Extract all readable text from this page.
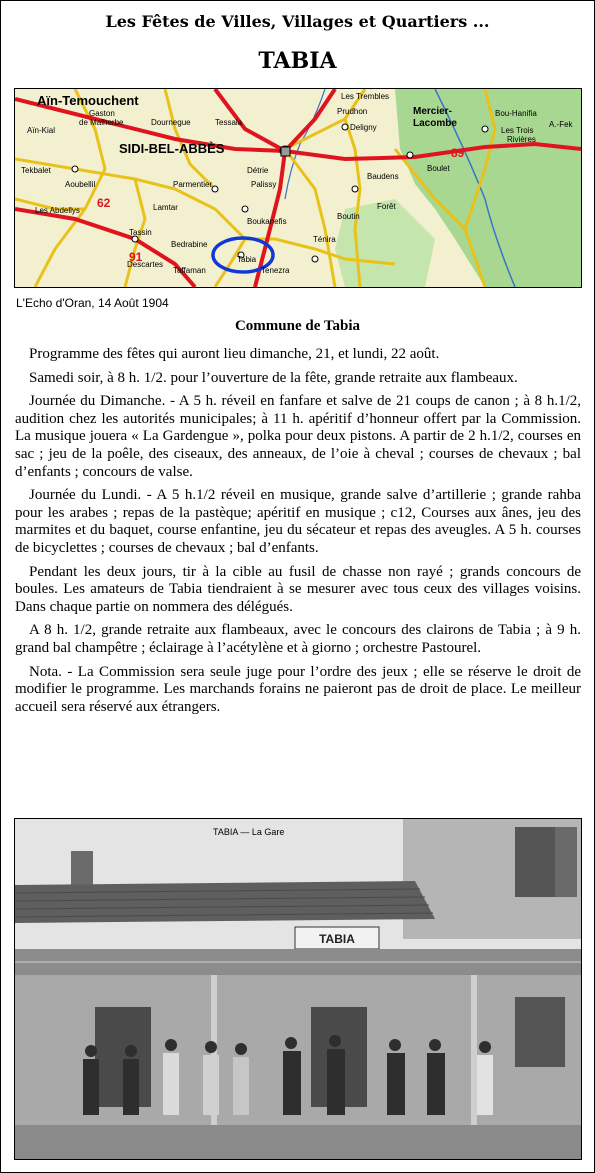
Les Fêtes de Villes, Villages et Quartiers ...
TABIA
Aïn-Temouchent
Aïn-Kial
Gaston
de Malherbe	Dournegue	Tessala
Les Trembles
Prudhon
Deligny
Mercier-
Lacombe
Bou-Hanifia
Les Trois
Rivières
A.-Fek
SIDI-BEL-ABBÈS
Tekbalet
Aoubellil
Détrie
Baudens
Boulet
Parmentier	Palissy
Les Abdellys	Lamtar
Boukanefis
Boutin
Forêt
Tassin
Bedrabine
Tabia
Ténira
Descartes
Taffaman	Tenezra
62
89
91
L'Echo d'Oran, 14 Août 1904
Commune de Tabia

Programme des fêtes qui auront lieu dimanche, 21, et lundi, 22 août.

Samedi soir, à 8 h. 1/2. pour l’ouverture de la fête, grande retraite aux flambeaux.

Journée du Dimanche. - A 5 h. réveil en fanfare et salve de 21 coups de canon ; à 8 h.1/2, audition chez les autorités municipales; à 11 h. apéritif d’honneur offert par la Commission. La musique jouera « La Gardengue », polka pour deux pistons. A partir de 2 h.1/2, courses en sac ; jeu de la poêle, des ciseaux, des anneaux, de l’oie à cheval ; courses de chevaux ; bal d’enfants ; concours de valse.

Journée du Lundi. - A 5 h.1/2 réveil en musique, grande salve d’artillerie ; grande rahba pour les arabes ; repas de la pastèque; apéritif en musique ; c12, Courses aux ânes, jeu des marmites et du baquet, course enfantine, jeu du sécateur et repas des aveugles. A 5 h. courses de bicyclettes ; courses de chevaux ; bal d’enfants.

Pendant les deux jours, tir à la cible au fusil de chasse non rayé ; grands concours de boules. Les amateurs de Tabia tiendraient à se mesurer avec tous ceux des villages voisins. Dans chaque partie on nommera des délégués.

A 8 h. 1/2, grande retraite aux flambeaux, avec le concours des clairons de Tabia ; à 9 h. grand bal champêtre ; éclairage à l’acétylène et à giorno ; orchestre Pastourel.

Nota. - La Commission sera seule juge pour l’ordre des jeux ; elle se réserve le droit de modifier le programme. Les marchands forains ne paieront pas de droit de place. Le meilleur accueil sera réservé aux étrangers.

TABIA
TABIA — La Gare
